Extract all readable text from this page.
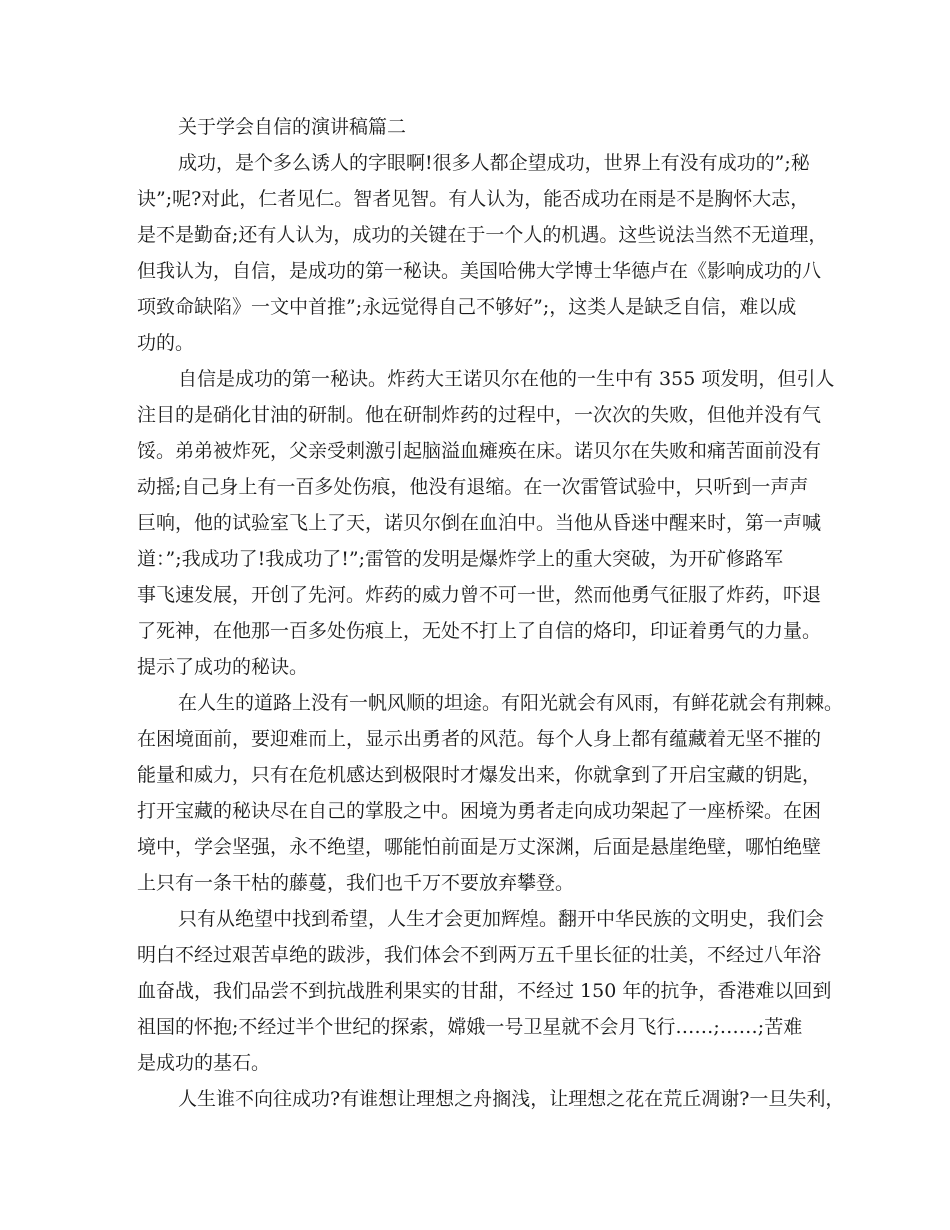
关于学会自信的演讲稿篇二
成功，是个多么诱人的字眼啊!很多人都企望成功，世界上有没有成功的”;秘
诀”;呢?对此，仁者见仁。智者见智。有人认为，能否成功在雨是不是胸怀大志，
是不是勤奋;还有人认为，成功的关键在于一个人的机遇。这些说法当然不无道理，
但我认为，自信，是成功的第一秘诀。美国哈佛大学博士华德卢在《影响成功的八
项致命缺陷》一文中首推”;永远觉得自己不够好”;，这类人是缺乏自信，难以成
功的。
自信是成功的第一秘诀。炸药大王诺贝尔在他的一生中有 355 项发明，但引人
注目的是硝化甘油的研制。他在研制炸药的过程中，一次次的失败，但他并没有气
馁。弟弟被炸死，父亲受刺激引起脑溢血瘫痪在床。诺贝尔在失败和痛苦面前没有
动摇;自己身上有一百多处伤痕，他没有退缩。在一次雷管试验中，只听到一声声
巨响，他的试验室飞上了天，诺贝尔倒在血泊中。当他从昏迷中醒来时，第一声喊
道：”;我成功了!我成功了!”;雷管的发明是爆炸学上的重大突破，为开矿修路军
事飞速发展，开创了先河。炸药的威力曾不可一世，然而他勇气征服了炸药，吓退
了死神，在他那一百多处伤痕上，无处不打上了自信的烙印，印证着勇气的力量。
提示了成功的秘诀。
在人生的道路上没有一帆风顺的坦途。有阳光就会有风雨，有鲜花就会有荆棘。
在困境面前，要迎难而上，显示出勇者的风范。每个人身上都有蕴藏着无坚不摧的
能量和威力，只有在危机感达到极限时才爆发出来，你就拿到了开启宝藏的钥匙，
打开宝藏的秘诀尽在自己的掌股之中。困境为勇者走向成功架起了一座桥梁。在困
境中，学会坚强，永不绝望，哪能怕前面是万丈深渊，后面是悬崖绝壁，哪怕绝壁
上只有一条干枯的藤蔓，我们也千万不要放弃攀登。
只有从绝望中找到希望，人生才会更加辉煌。翻开中华民族的文明史，我们会
明白不经过艰苦卓绝的跋涉，我们体会不到两万五千里长征的壮美，不经过八年浴
血奋战，我们品尝不到抗战胜利果实的甘甜，不经过 150 年的抗争，香港难以回到
祖国的怀抱;不经过半个世纪的探索，嫦娥一号卫星就不会月飞行……;……;苦难
是成功的基石。
人生谁不向往成功?有谁想让理想之舟搁浅，让理想之花在荒丘凋谢?一旦失利，
